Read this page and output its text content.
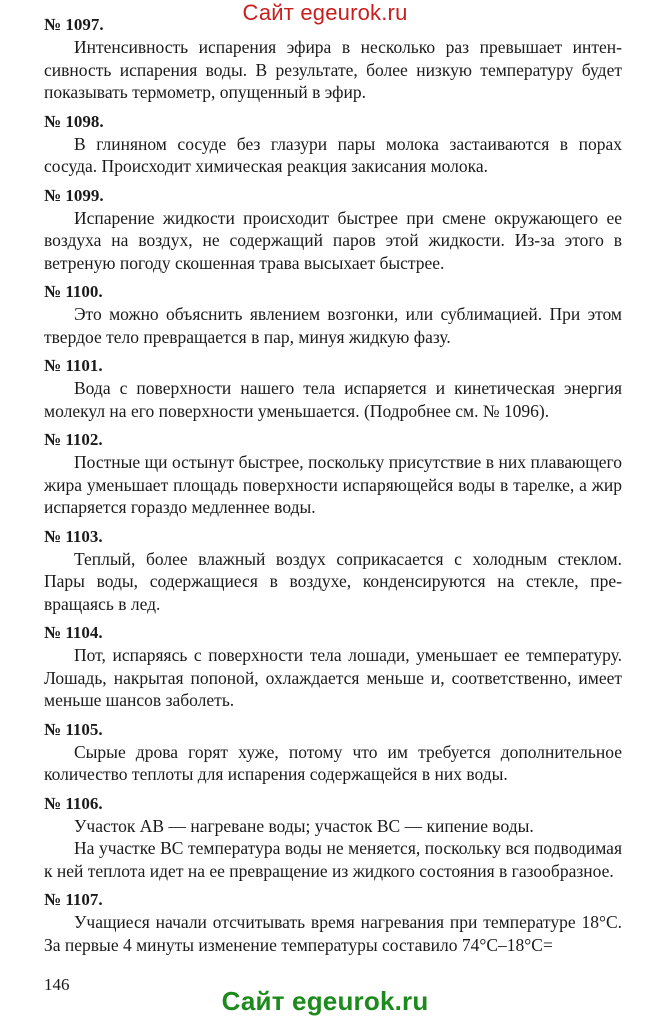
Сайт egeurok.ru
№ 1097.

Интенсивность испарения эфира в несколько раз превышает интенсивность испарения воды. В результате, более низкую температуру будет показывать термометр, опущенный в эфир.

№ 1098.

В глиняном сосуде без глазури пары молока застаиваются в порах сосуда. Происходит химическая реакция закисания молока.

№ 1099.

Испарение жидкости происходит быстрее при смене окружающего ее воздуха на воздух, не содержащий паров этой жидкости. Из-за этого в ветреную погоду скошенная трава высыхает быстрее.

№ 1100.

Это можно объяснить явлением возгонки, или сублимацией. При этом твердое тело превращается в пар, минуя жидкую фазу.

№ 1101.

Вода с поверхности нашего тела испаряется и кинетическая энергия молекул на его поверхности уменьшается. (Подробнее см. № 1096).

№ 1102.

Постные щи остынут быстрее, поскольку присутствие в них плавающего жира уменьшает площадь поверхности испаряющейся воды в тарелке, а жир испаряется гораздо медленнее воды.

№ 1103.

Теплый, более влажный воздух соприкасается с холодным стеклом. Пары воды, содержащиеся в воздухе, конденсируются на стекле, превращаясь в лед.

№ 1104.

Пот, испаряясь с поверхности тела лошади, уменьшает ее температуру. Лошадь, накрытая попоной, охлаждается меньше и, соответственно, имеет меньше шансов заболеть.

№ 1105.

Сырые дрова горят хуже, потому что им требуется дополнительное количество теплоты для испарения содержащейся в них воды.

№ 1106.

Участок AB — нагреване воды; участок BC — кипение воды.

На участке BC температура воды не меняется, поскольку вся подводимая к ней теплота идет на ее превращение из жидкого состояния в газообразное.

№ 1107.

Учащиеся начали отсчитывать время нагревания при температуре 18°С. За первые 4 минуты изменение температуры составило 74°С–18°С=

146
Сайт egeurok.ru
